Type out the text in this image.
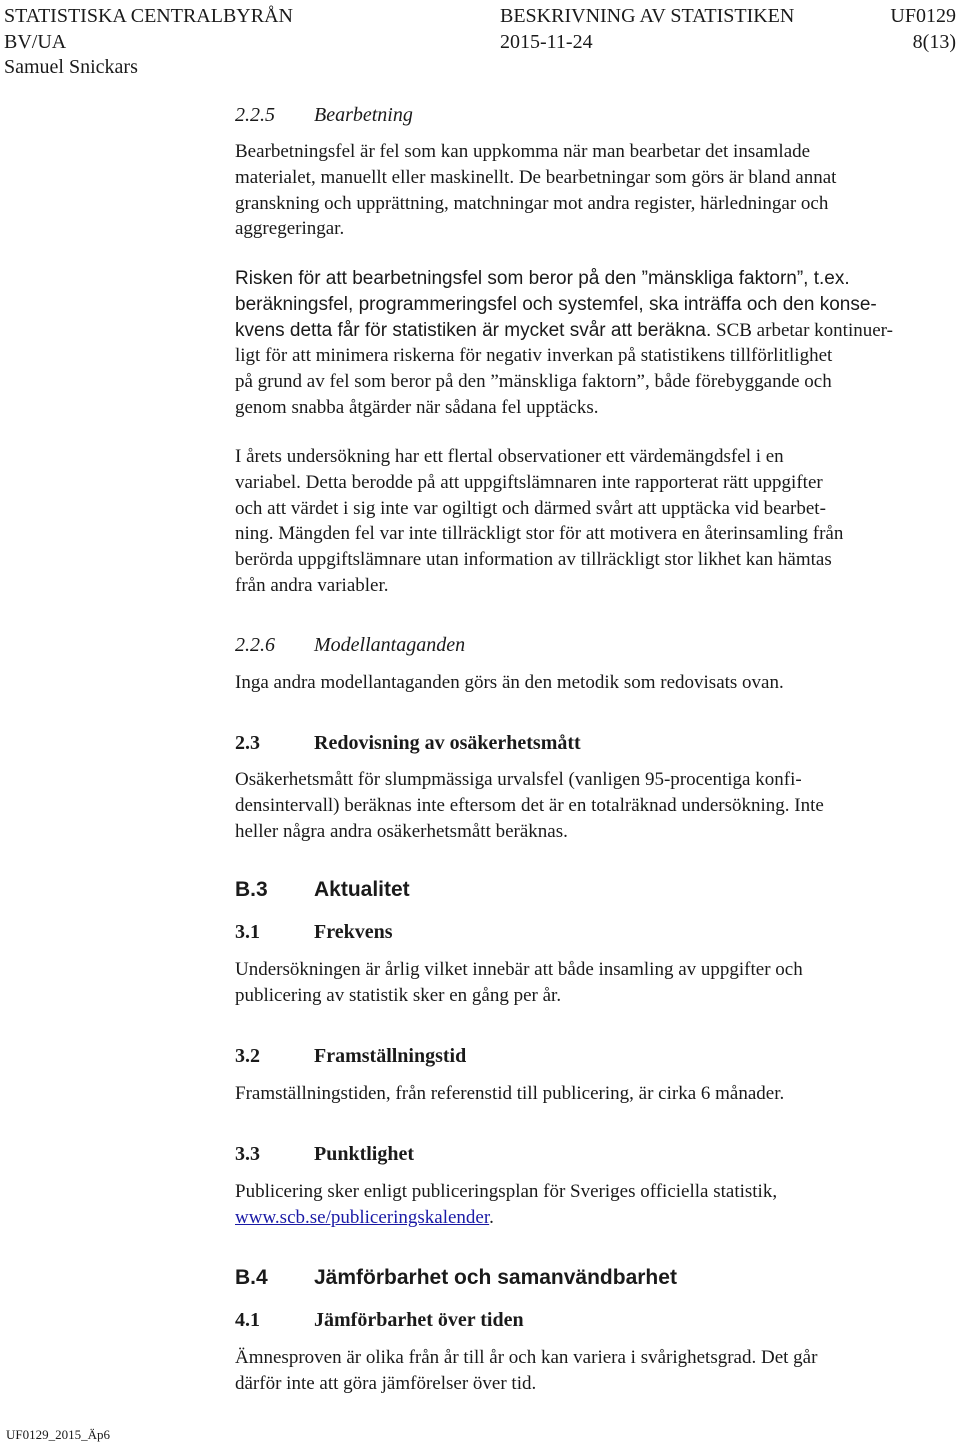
STATISTISKA CENTRALBYRÅN	BESKRIVNING AV STATISTIKEN	UF0129
BV/UA	2015-11-24	8(13)
Samuel Snickars
2.2.5 Bearbetning

Bearbetningsfel är fel som kan uppkomma när man bearbetar det insamlade
materialet, manuellt eller maskinellt. De bearbetningar som görs är bland annat
granskning och upprättning, matchningar mot andra register, härledningar och
aggregeringar.

Risken för att bearbetningsfel som beror på den ”mänskliga faktorn”, t.ex.
beräkningsfel, programmeringsfel och systemfel, ska inträffa och den konse-
kvens detta får för statistiken är mycket svår att beräkna. SCB arbetar kontinuer-
ligt för att minimera riskerna för negativ inverkan på statistikens tillförlitlighet
på grund av fel som beror på den ”mänskliga faktorn”, både förebyggande och
genom snabba åtgärder när sådana fel upptäcks.

I årets undersökning har ett flertal observationer ett värdemängdsfel i en
variabel. Detta berodde på att uppgiftslämnaren inte rapporterat rätt uppgifter
och att värdet i sig inte var ogiltigt och därmed svårt att upptäcka vid bearbet-
ning. Mängden fel var inte tillräckligt stor för att motivera en återinsamling från
berörda uppgiftslämnare utan information av tillräckligt stor likhet kan hämtas
från andra variabler.

2.2.6 Modellantaganden

Inga andra modellantaganden görs än den metodik som redovisats ovan.

2.3	Redovisning av osäkerhetsmått

Osäkerhetsmått för slumpmässiga urvalsfel (vanligen 95-procentiga konfi-
densintervall) beräknas inte eftersom det är en totalräknad undersökning. Inte
heller några andra osäkerhetsmått beräknas.

B.3 Aktualitet
3.1	Frekvens

Undersökningen är årlig vilket innebär att både insamling av uppgifter och
publicering av statistik sker en gång per år.

3.2	Framställningstid

Framställningstiden, från referenstid till publicering, är cirka 6 månader.

3.3	Punktlighet

Publicering sker enligt publiceringsplan för Sveriges officiella statistik,
www.scb.se/publiceringskalender.

B.4 Jämförbarhet och samanvändbarhet
4.1	Jämförbarhet över tiden

Ämnesproven är olika från år till år och kan variera i svårighetsgrad. Det går
därför inte att göra jämförelser över tid.

UF0129_2015_Äp6
